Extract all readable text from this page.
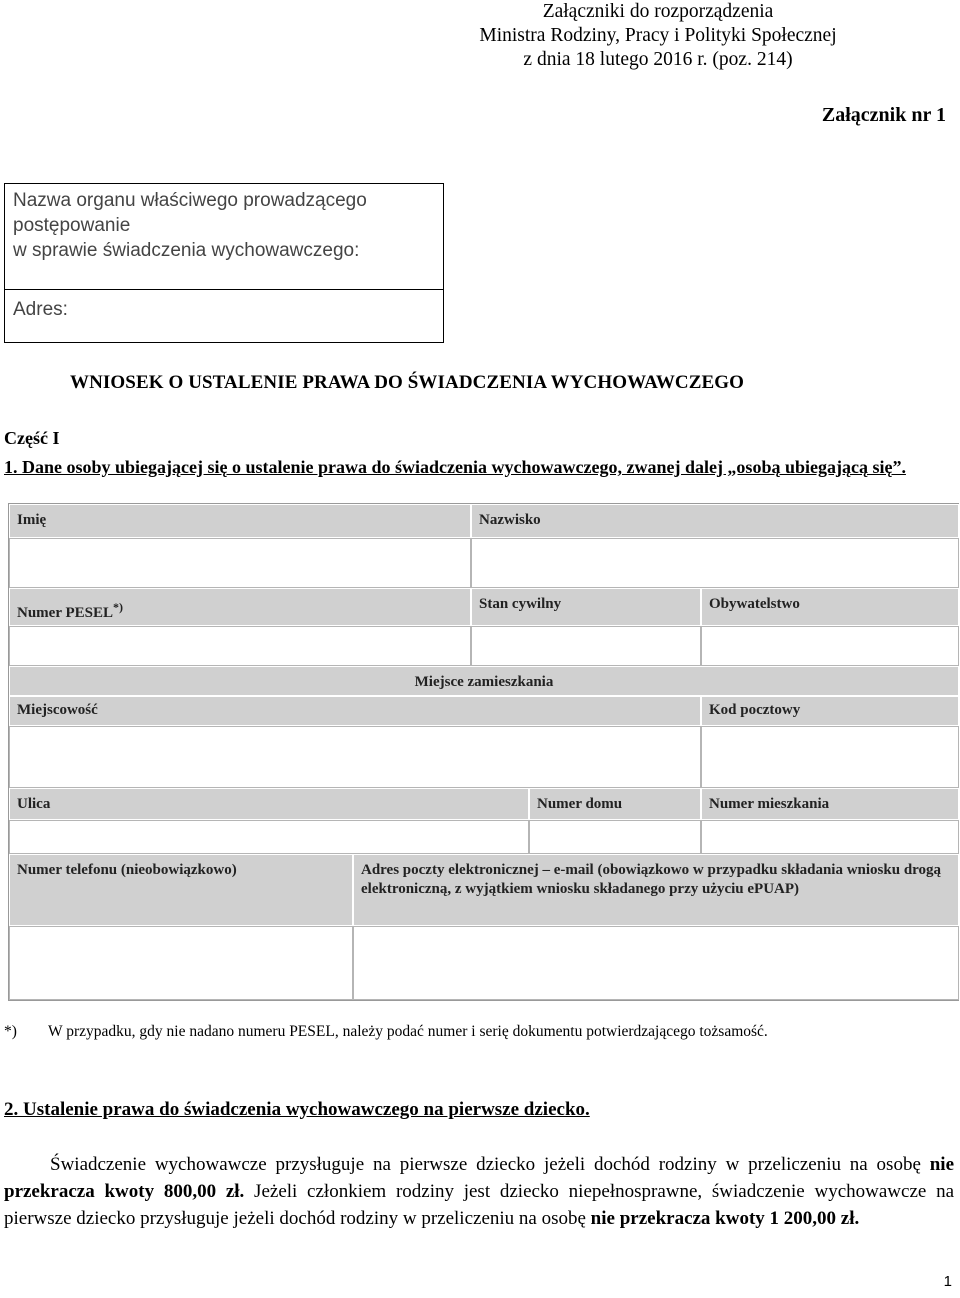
Załączniki do rozporządzenia
Ministra Rodziny, Pracy i Polityki Społecznej
z dnia 18 lutego 2016 r. (poz. 214)
Załącznik nr 1
Nazwa organu właściwego prowadzącego
postępowanie
w sprawie świadczenia wychowawczego:
Adres:
WNIOSEK O USTALENIE PRAWA DO ŚWIADCZENIA WYCHOWAWCZEGO
Część I
1. Dane osoby ubiegającej się o ustalenie prawa do świadczenia wychowawczego, zwanej dalej „osobą ubiegającą się”.
Imię	Nazwisko
Numer PESEL*)	Stan cywilny	Obywatelstwo
Miejsce zamieszkania
Miejscowość	Kod pocztowy
Ulica	Numer domu	Numer mieszkania
Numer telefonu (nieobowiązkowo)	Adres poczty elektronicznej – e-mail (obowiązkowo w przypadku składania wniosku drogą elektroniczną, z wyjątkiem wniosku składanego przy użyciu ePUAP)
*) W przypadku, gdy nie nadano numeru PESEL, należy podać numer i serię dokumentu potwierdzającego tożsamość.
2. Ustalenie prawa do świadczenia wychowawczego na pierwsze dziecko.
Świadczenie wychowawcze przysługuje na pierwsze dziecko jeżeli dochód rodziny w przeliczeniu na osobę nie przekracza kwoty 800,00 zł. Jeżeli członkiem rodziny jest dziecko niepełnosprawne, świadczenie wychowawcze na pierwsze dziecko przysługuje jeżeli dochód rodziny w przeliczeniu na osobę nie przekracza kwoty 1 200,00 zł.
1
